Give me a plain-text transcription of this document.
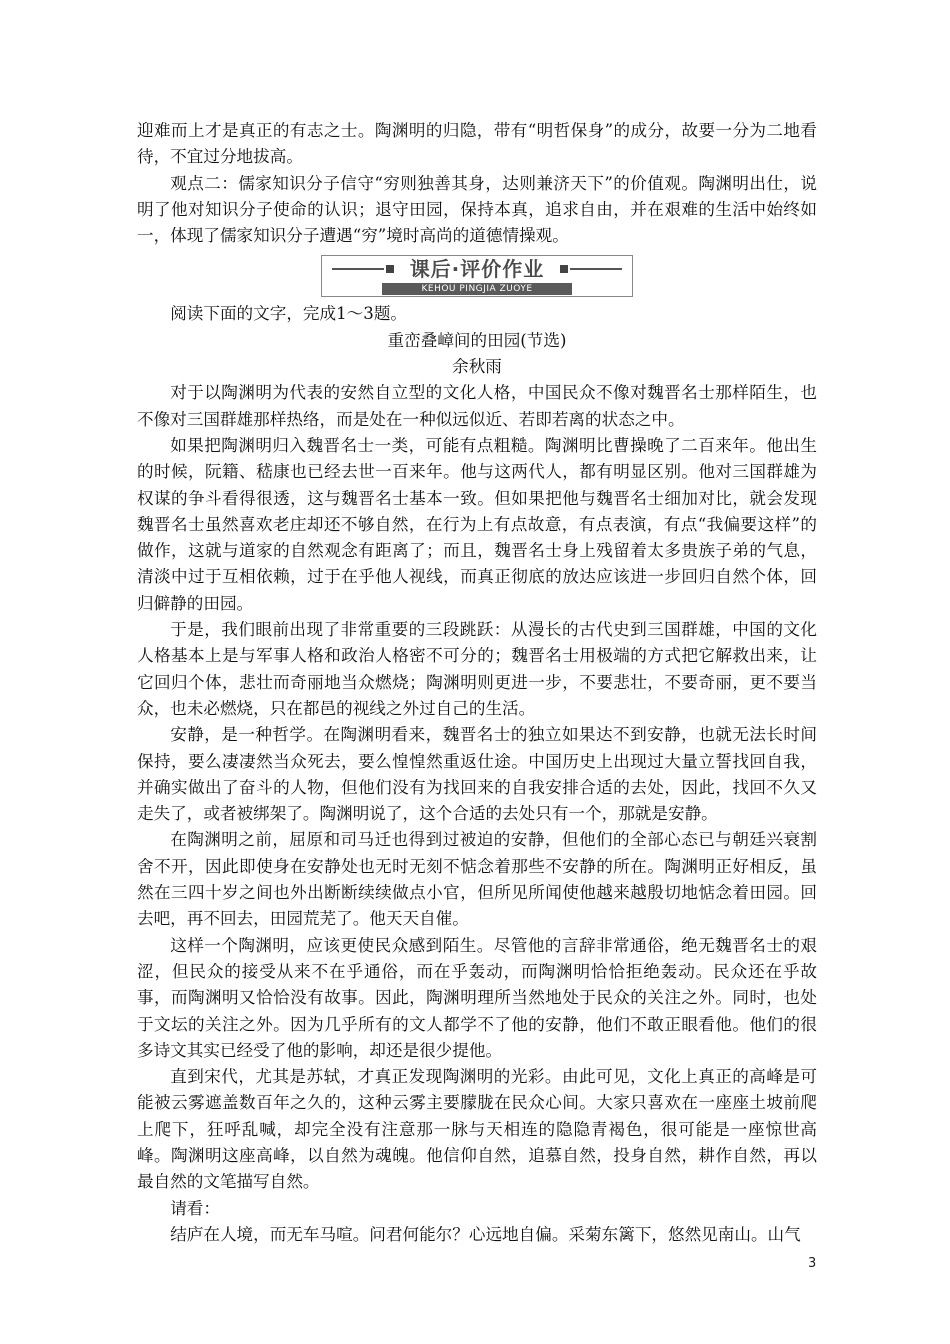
迎难而上才是真正的有志之士。陶渊明的归隐，带有“明哲保身”的成分，故要一分为二地看待，不宜过分地拔高。

观点二：儒家知识分子信守“穷则独善其身，达则兼济天下”的价值观。陶渊明出仕，说明了他对知识分子使命的认识；退守田园，保持本真，追求自由，并在艰难的生活中始终如一，体现了儒家知识分子遭遇“穷”境时高尚的道德情操观。

课后·评价作业
KEHOU PINGJIA ZUOYE

阅读下面的文字，完成1～3题。

重峦叠嶂间的田园(节选)

余秋雨

对于以陶渊明为代表的安然自立型的文化人格，中国民众不像对魏晋名士那样陌生，也不像对三国群雄那样热络，而是处在一种似远似近、若即若离的状态之中。

如果把陶渊明归入魏晋名士一类，可能有点粗糙。陶渊明比曹操晚了二百来年。他出生的时候，阮籍、嵇康也已经去世一百来年。他与这两代人，都有明显区别。他对三国群雄为权谋的争斗看得很透，这与魏晋名士基本一致。但如果把他与魏晋名士细加对比，就会发现魏晋名士虽然喜欢老庄却还不够自然，在行为上有点故意，有点表演，有点“我偏要这样”的做作，这就与道家的自然观念有距离了；而且，魏晋名士身上残留着太多贵族子弟的气息，清淡中过于互相依赖，过于在乎他人视线，而真正彻底的放达应该进一步回归自然个体，回归僻静的田园。

于是，我们眼前出现了非常重要的三段跳跃：从漫长的古代史到三国群雄，中国的文化人格基本上是与军事人格和政治人格密不可分的；魏晋名士用极端的方式把它解救出来，让它回归个体，悲壮而奇丽地当众燃烧；陶渊明则更进一步，不要悲壮，不要奇丽，更不要当众，也未必燃烧，只在都邑的视线之外过自己的生活。

安静，是一种哲学。在陶渊明看来，魏晋名士的独立如果达不到安静，也就无法长时间保持，要么凄凄然当众死去，要么惶惶然重返仕途。中国历史上出现过大量立誓找回自我，并确实做出了奋斗的人物，但他们没有为找回来的自我安排合适的去处，因此，找回不久又走失了，或者被绑架了。陶渊明说了，这个合适的去处只有一个，那就是安静。

在陶渊明之前，屈原和司马迁也得到过被迫的安静，但他们的全部心态已与朝廷兴衰割舍不开，因此即使身在安静处也无时无刻不惦念着那些不安静的所在。陶渊明正好相反，虽然在三四十岁之间也外出断断续续做点小官，但所见所闻使他越来越殷切地惦念着田园。回去吧，再不回去，田园荒芜了。他天天自催。

这样一个陶渊明，应该更使民众感到陌生。尽管他的言辞非常通俗，绝无魏晋名士的艰涩，但民众的接受从来不在乎通俗，而在乎轰动，而陶渊明恰恰拒绝轰动。民众还在乎故事，而陶渊明又恰恰没有故事。因此，陶渊明理所当然地处于民众的关注之外。同时，也处于文坛的关注之外。因为几乎所有的文人都学不了他的安静，他们不敢正眼看他。他们的很多诗文其实已经受了他的影响，却还是很少提他。

直到宋代，尤其是苏轼，才真正发现陶渊明的光彩。由此可见，文化上真正的高峰是可能被云雾遮盖数百年之久的，这种云雾主要朦胧在民众心间。大家只喜欢在一座座土坡前爬上爬下，狂呼乱喊，却完全没有注意那一脉与天相连的隐隐青褐色，很可能是一座惊世高峰。陶渊明这座高峰，以自然为魂魄。他信仰自然，追慕自然，投身自然，耕作自然，再以最自然的文笔描写自然。

请看：

结庐在人境，而无车马喧。问君何能尔？心远地自偏。采菊东篱下，悠然见南山。山气

3
